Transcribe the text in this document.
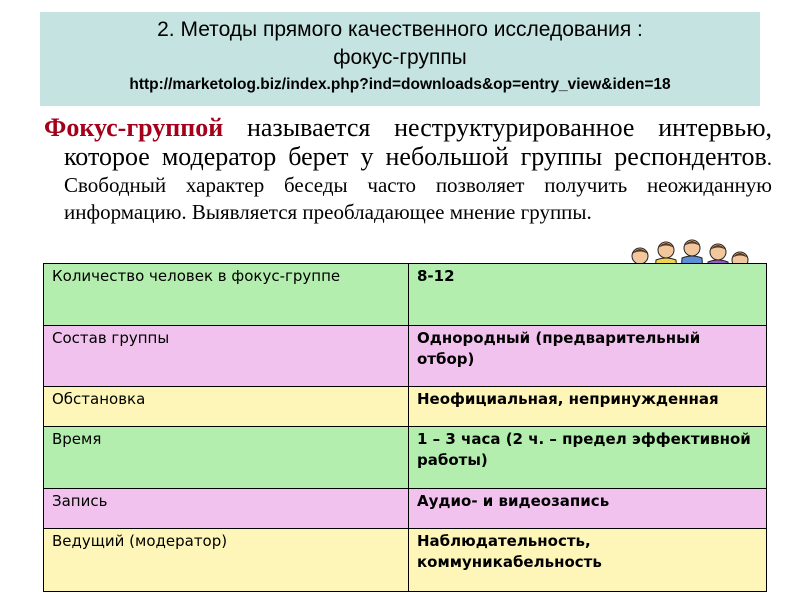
2. Методы прямого качественного исследования :
фокус-группы
http://marketolog.biz/index.php?ind=downloads&op=entry_view&iden=18
Фокус-группой называется неструктурированное интервью, которое модератор берет у небольшой группы респондентов. Свободный характер беседы часто позволяет получить неожиданную информацию. Выявляется преобладающее мнение группы.
Количество человек в фокус-группе	8-12
Состав группы	Однородный (предварительный отбор)
Обстановка	Неофициальная, непринужденная
Время	1 – 3 часа (2 ч. – предел эффективной работы)
Запись	Аудио- и видеозапись
Ведущий (модератор)	Наблюдательность, коммуникабельность
